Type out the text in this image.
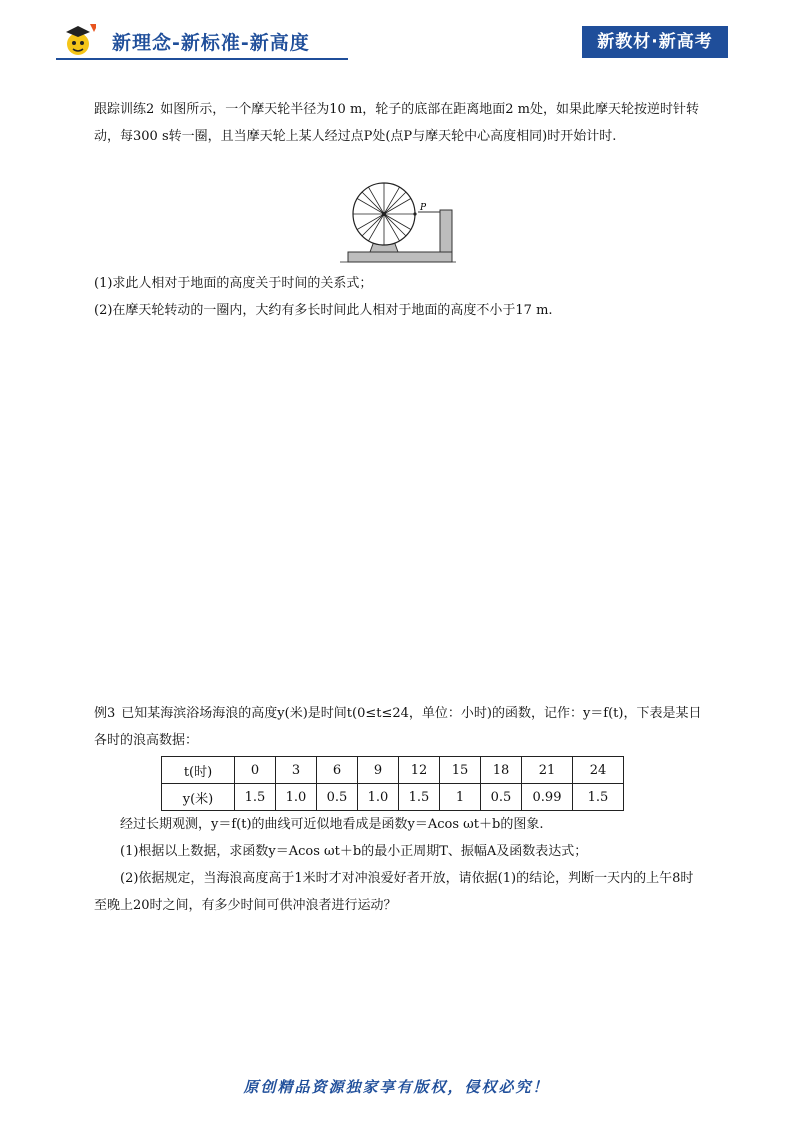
新理念-新标准-新高度	新教材·新高考
跟踪训练2 如图所示，一个摩天轮半径为10 m，轮子的底部在距离地面2 m处，如果此摩天轮按逆时针转动，每300 s转一圈，且当摩天轮上某人经过点P处(点P与摩天轮中心高度相同)时开始计时.
P
(1)求此人相对于地面的高度关于时间的关系式；
(2)在摩天轮转动的一圈内，大约有多长时间此人相对于地面的高度不小于17 m.
例3 已知某海滨浴场海浪的高度y(米)是时间t(0≤t≤24，单位：小时)的函数，记作：y＝f(t)，下表是某日各时的浪高数据：
t(时)	0	3	6	9	12	15	18	21	24
y(米)	1.5	1.0	0.5	1.0	1.5	1	0.5	0.99	1.5
经过长期观测，y＝f(t)的曲线可近似地看成是函数y＝Acos ωt＋b的图象.
(1)根据以上数据，求函数y＝Acos ωt＋b的最小正周期T、振幅A及函数表达式；
(2)依据规定，当海浪高度高于1米时才对冲浪爱好者开放，请依据(1)的结论，判断一天内的上午8时至晚上20时之间，有多少时间可供冲浪者进行运动？
原创精品资源独家享有版权，侵权必究！
